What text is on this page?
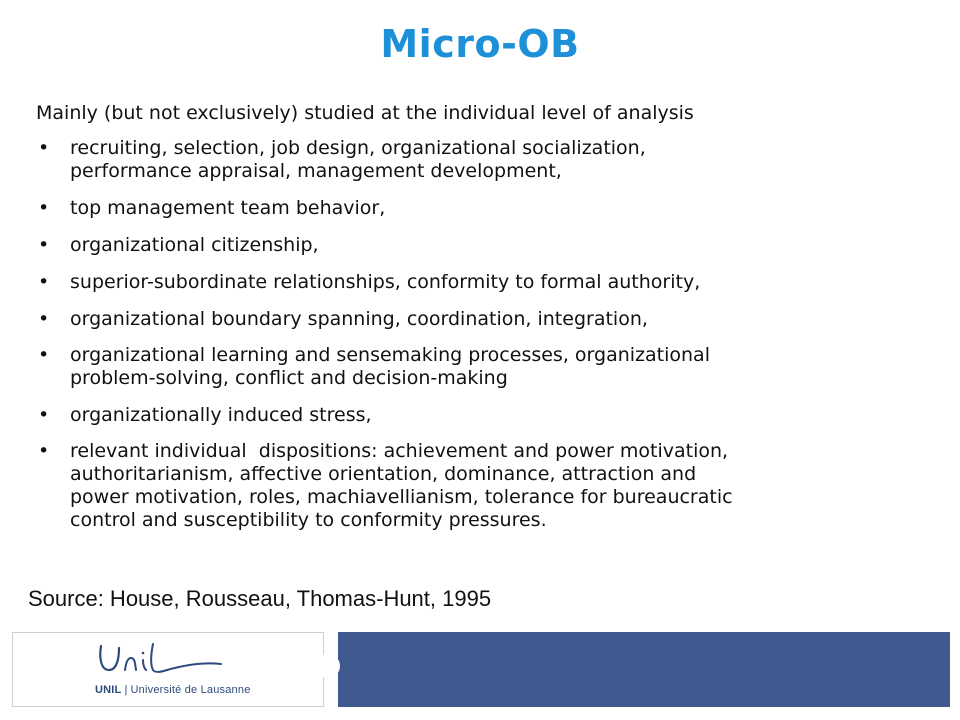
Micro-OB
Mainly (but not exclusively) studied at the individual level of analysis
• recruiting, selection, job design, organizational socialization,
performance appraisal, management development,
• top management team behavior,
• organizational citizenship,
• superior-subordinate relationships, conformity to formal authority,
• organizational boundary spanning, coordination, integration,
• organizational learning and sensemaking processes, organizational
problem-solving, conflict and decision-making
• organizationally induced stress,
• relevant individual  dispositions: achievement and power motivation,
authoritarianism, affective orientation, dominance, attraction and
power motivation, roles, machiavellianism, tolerance for bureaucratic
control and susceptibility to conformity pressures.
Source: House, Rousseau, Thomas-Hunt, 1995
UNIL | Université de Lausanne
